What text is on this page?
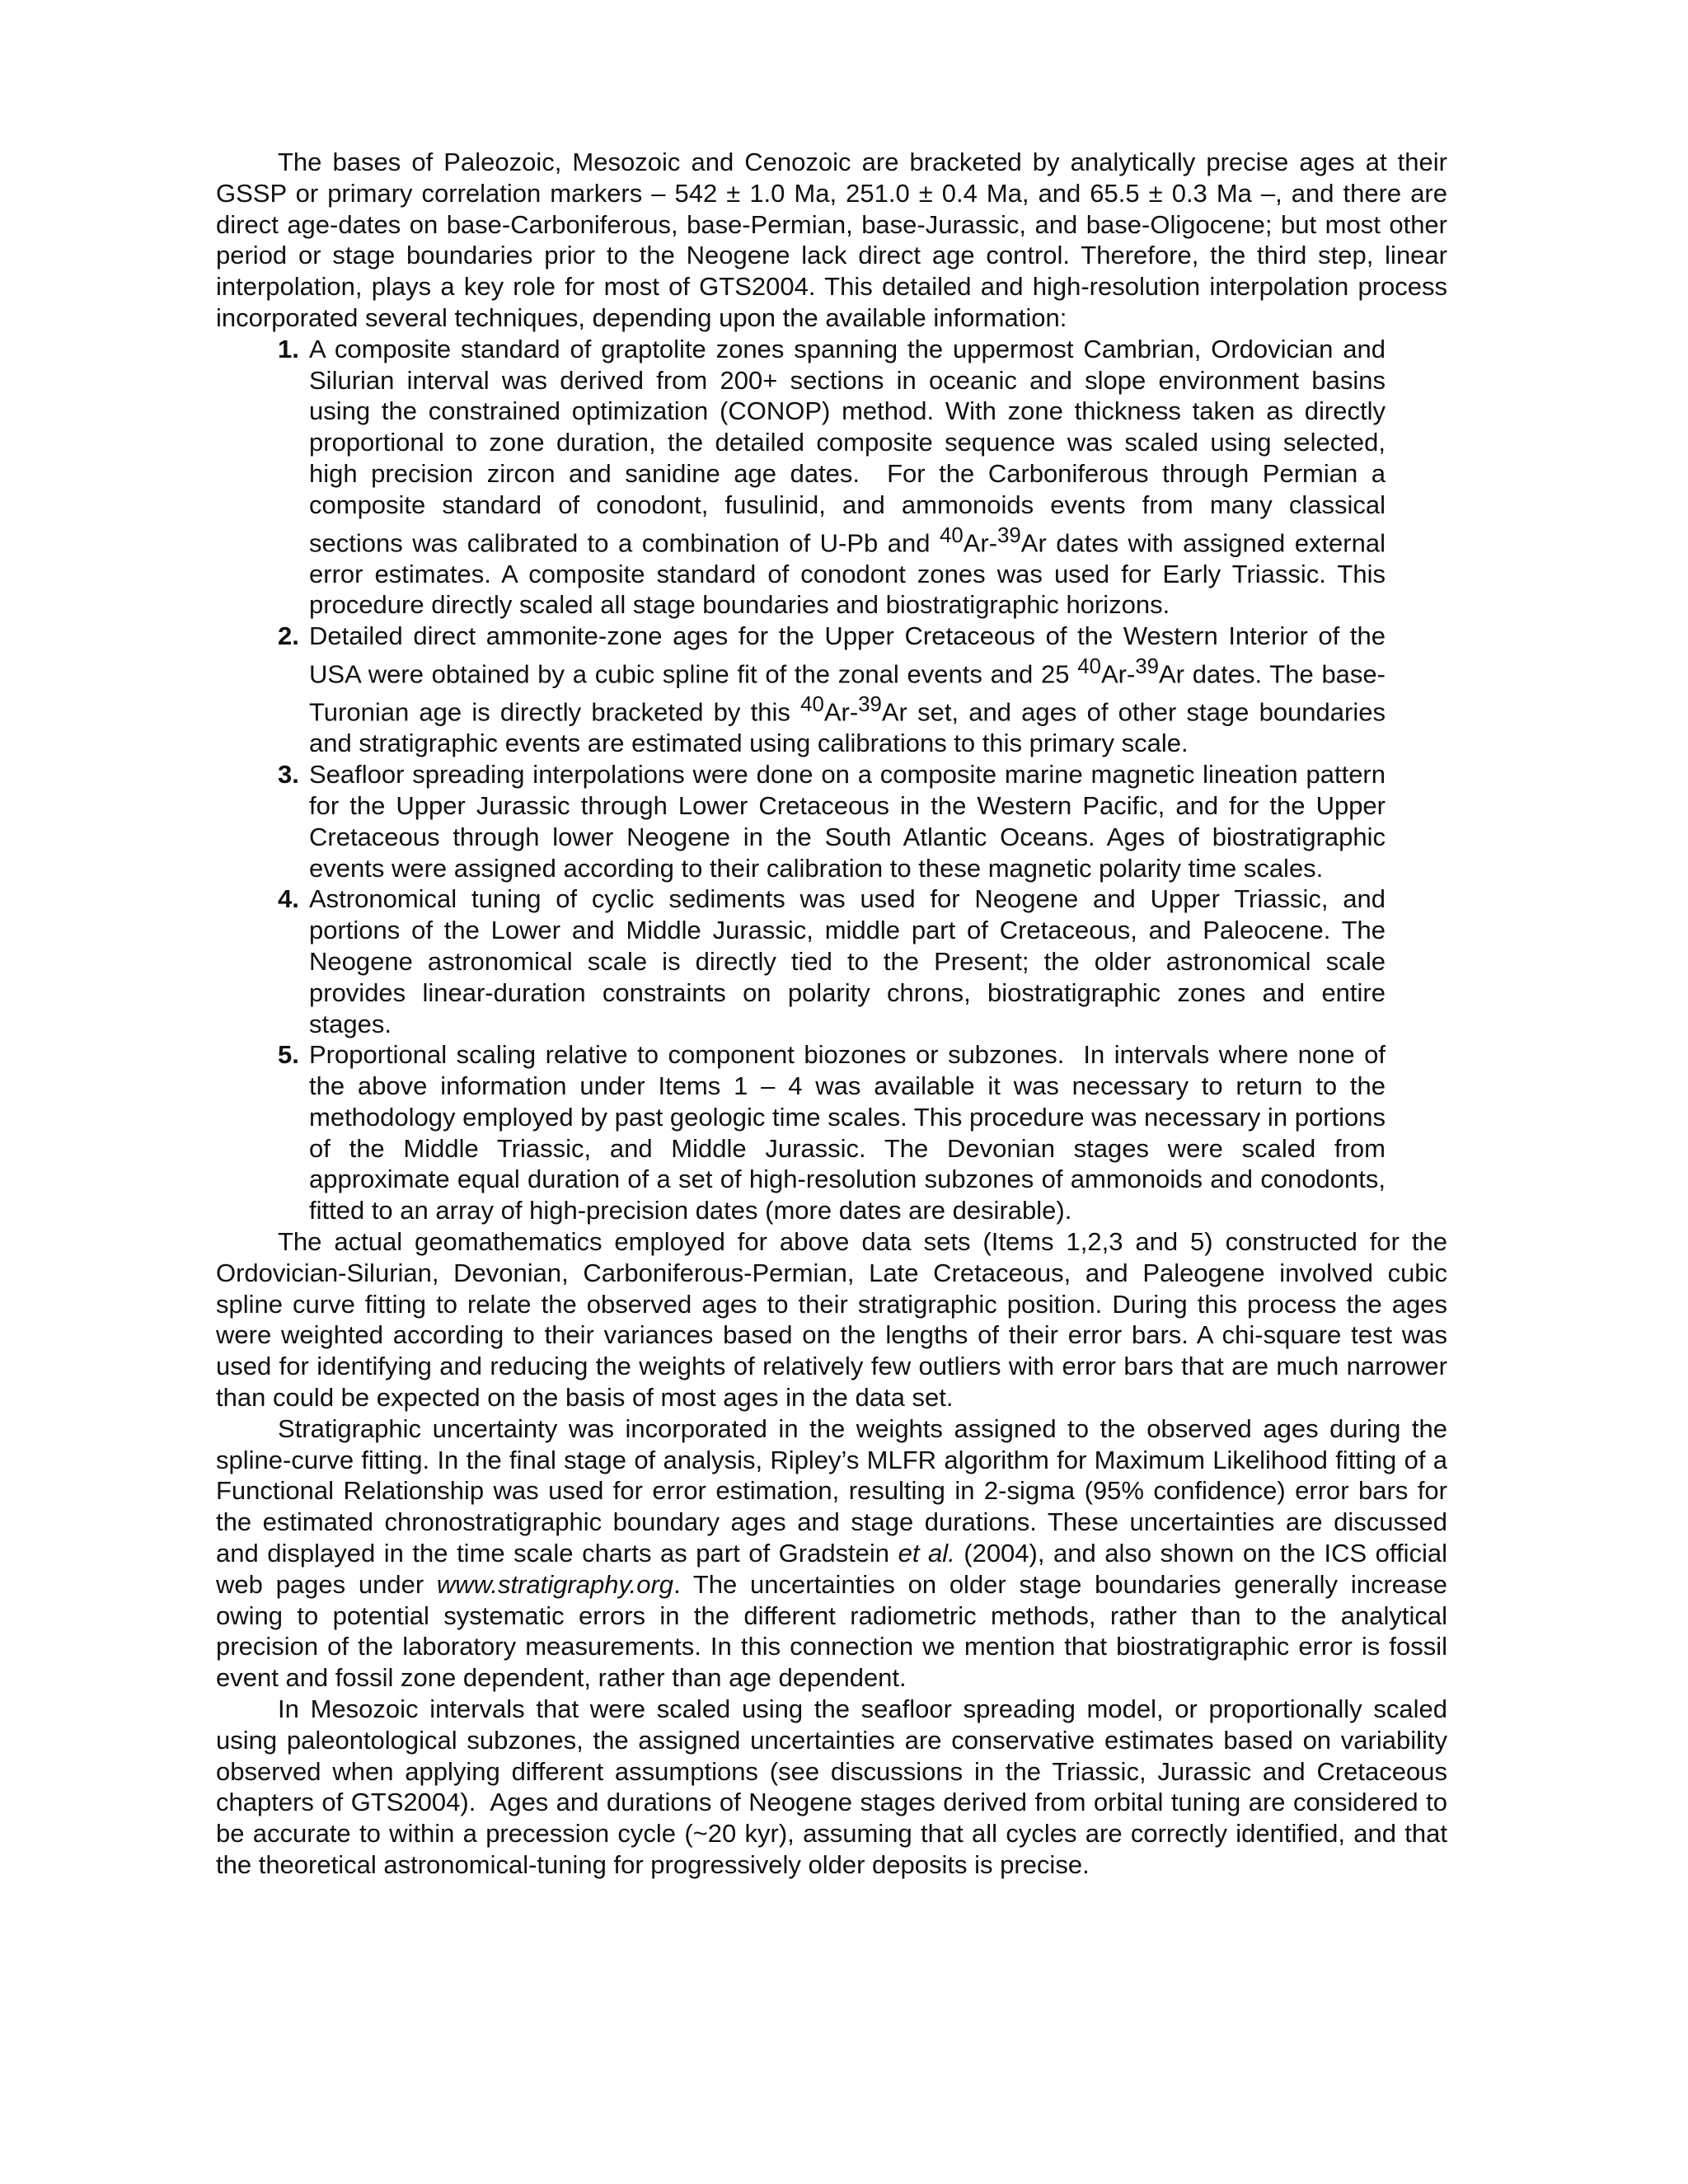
The bases of Paleozoic, Mesozoic and Cenozoic are bracketed by analytically precise ages at their GSSP or primary correlation markers – 542 ± 1.0 Ma, 251.0 ± 0.4 Ma, and 65.5 ± 0.3 Ma –, and there are direct age-dates on base-Carboniferous, base-Permian, base-Jurassic, and base-Oligocene; but most other period or stage boundaries prior to the Neogene lack direct age control. Therefore, the third step, linear interpolation, plays a key role for most of GTS2004. This detailed and high-resolution interpolation process incorporated several techniques, depending upon the available information:

1. A composite standard of graptolite zones spanning the uppermost Cambrian, Ordovician and Silurian interval was derived from 200+ sections in oceanic and slope environment basins using the constrained optimization (CONOP) method. With zone thickness taken as directly proportional to zone duration, the detailed composite sequence was scaled using selected, high precision zircon and sanidine age dates.  For the Carboniferous through Permian a composite standard of conodont, fusulinid, and ammonoids events from many classical sections was calibrated to a combination of U-Pb and $^{40}$Ar-$^{39}$Ar dates with assigned external error estimates. A composite standard of conodont zones was used for Early Triassic. This procedure directly scaled all stage boundaries and biostratigraphic horizons.
2. Detailed direct ammonite-zone ages for the Upper Cretaceous of the Western Interior of the USA were obtained by a cubic spline fit of the zonal events and 25 $^{40}$Ar-$^{39}$Ar dates. The base-Turonian age is directly bracketed by this $^{40}$Ar-$^{39}$Ar set, and ages of other stage boundaries and stratigraphic events are estimated using calibrations to this primary scale.
3. Seafloor spreading interpolations were done on a composite marine magnetic lineation pattern for the Upper Jurassic through Lower Cretaceous in the Western Pacific, and for the Upper Cretaceous through lower Neogene in the South Atlantic Oceans. Ages of biostratigraphic events were assigned according to their calibration to these magnetic polarity time scales.
4. Astronomical tuning of cyclic sediments was used for Neogene and Upper Triassic, and portions of the Lower and Middle Jurassic, middle part of Cretaceous, and Paleocene. The Neogene astronomical scale is directly tied to the Present; the older astronomical scale provides linear-duration constraints on polarity chrons, biostratigraphic zones and entire stages.
5. Proportional scaling relative to component biozones or subzones.  In intervals where none of the above information under Items 1 – 4 was available it was necessary to return to the methodology employed by past geologic time scales. This procedure was necessary in portions of the Middle Triassic, and Middle Jurassic. The Devonian stages were scaled from approximate equal duration of a set of high-resolution subzones of ammonoids and conodonts, fitted to an array of high-precision dates (more dates are desirable).

The actual geomathematics employed for above data sets (Items 1,2,3 and 5) constructed for the Ordovician-Silurian, Devonian, Carboniferous-Permian, Late Cretaceous, and Paleogene involved cubic spline curve fitting to relate the observed ages to their stratigraphic position. During this process the ages were weighted according to their variances based on the lengths of their error bars. A chi-square test was used for identifying and reducing the weights of relatively few outliers with error bars that are much narrower than could be expected on the basis of most ages in the data set.

Stratigraphic uncertainty was incorporated in the weights assigned to the observed ages during the spline-curve fitting. In the final stage of analysis, Ripley’s MLFR algorithm for Maximum Likelihood fitting of a Functional Relationship was used for error estimation, resulting in 2-sigma (95% confidence) error bars for the estimated chronostratigraphic boundary ages and stage durations. These uncertainties are discussed and displayed in the time scale charts as part of Gradstein et al. (2004), and also shown on the ICS official web pages under www.stratigraphy.org. The uncertainties on older stage boundaries generally increase owing to potential systematic errors in the different radiometric methods, rather than to the analytical precision of the laboratory measurements. In this connection we mention that biostratigraphic error is fossil event and fossil zone dependent, rather than age dependent.

In Mesozoic intervals that were scaled using the seafloor spreading model, or proportionally scaled using paleontological subzones, the assigned uncertainties are conservative estimates based on variability observed when applying different assumptions (see discussions in the Triassic, Jurassic and Cretaceous chapters of GTS2004).  Ages and durations of Neogene stages derived from orbital tuning are considered to be accurate to within a precession cycle (~20 kyr), assuming that all cycles are correctly identified, and that the theoretical astronomical-tuning for progressively older deposits is precise.
